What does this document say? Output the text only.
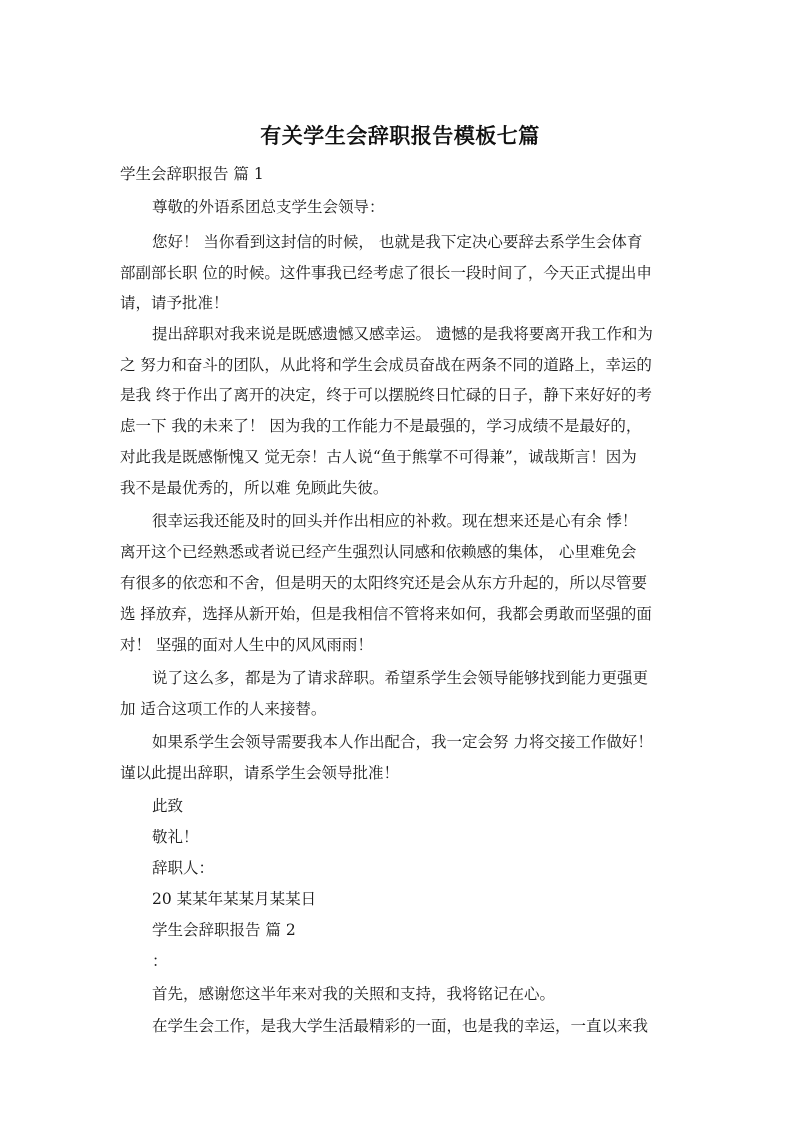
有关学生会辞职报告模板七篇
学生会辞职报告 篇 1
尊敬的外语系团总支学生会领导：
您好！ 当你看到这封信的时候， 也就是我下定决心要辞去系学生会体育
部副部长职 位的时候。这件事我已经考虑了很长一段时间了，今天正式提出申
请，请予批准！
提出辞职对我来说是既感遗憾又感幸运。 遗憾的是我将要离开我工作和为
之 努力和奋斗的团队，从此将和学生会成员奋战在两条不同的道路上，幸运的
是我 终于作出了离开的决定，终于可以摆脱终日忙碌的日子，静下来好好的考
虑一下 我的未来了！ 因为我的工作能力不是最强的，学习成绩不是最好的，
对此我是既感惭愧又 觉无奈！古人说“鱼于熊掌不可得兼”，诚哉斯言！因为
我不是最优秀的，所以难 免顾此失彼。
很幸运我还能及时的回头并作出相应的补救。现在想来还是心有余 悸！
离开这个已经熟悉或者说已经产生强烈认同感和依赖感的集体， 心里难免会
有很多的依恋和不舍，但是明天的太阳终究还是会从东方升起的，所以尽管要
选 择放弃，选择从新开始，但是我相信不管将来如何，我都会勇敢而坚强的面
对！ 坚强的面对人生中的风风雨雨！
说了这么多，都是为了请求辞职。希望系学生会领导能够找到能力更强更
加 适合这项工作的人来接替。
如果系学生会领导需要我本人作出配合，我一定会努 力将交接工作做好！
谨以此提出辞职，请系学生会领导批准！
此致
敬礼！
辞职人：
20 某某年某某月某某日
学生会辞职报告 篇 2
：
首先，感谢您这半年来对我的关照和支持，我将铭记在心。
在学生会工作，是我大学生活最精彩的一面，也是我的幸运，一直以来我
